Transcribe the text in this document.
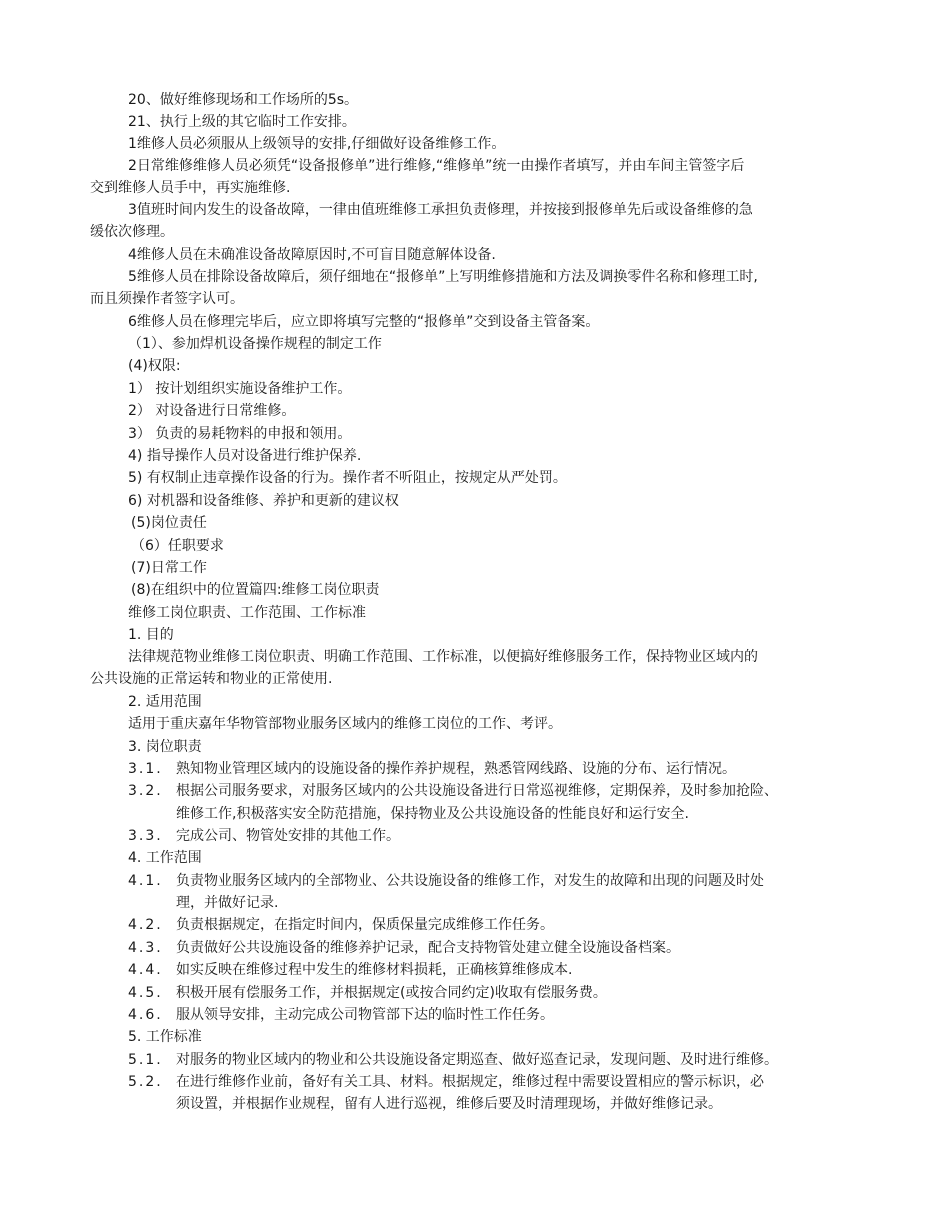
20、做好维修现场和工作场所的5s。
21、执行上级的其它临时工作安排。
1维修人员必须服从上级领导的安排,仔细做好设备维修工作。
2日常维修维修人员必须凭“设备报修单”进行维修,“维修单”统一由操作者填写，并由车间主管签字后
交到维修人员手中，再实施维修.
3值班时间内发生的设备故障，一律由值班维修工承担负责修理，并按接到报修单先后或设备维修的急
缓依次修理。
4维修人员在未确准设备故障原因时,不可盲目随意解体设备.
5维修人员在排除设备故障后，须仔细地在“报修单”上写明维修措施和方法及调换零件名称和修理工时,
而且须操作者签字认可。
6维修人员在修理完毕后，应立即将填写完整的“报修单”交到设备主管备案。
（1）、参加焊机设备操作规程的制定工作
(4)权限:
1） 按计划组织实施设备维护工作。
2） 对设备进行日常维修。
3） 负责的易耗物料的申报和领用。
4) 指导操作人员对设备进行维护保养.
5) 有权制止违章操作设备的行为。操作者不听阻止，按规定从严处罚。
6) 对机器和设备维修、养护和更新的建议权
(5)岗位责任
（6）任职要求
(7)日常工作
(8)在组织中的位置篇四:维修工岗位职责
维修工岗位职责、工作范围、工作标准
1. 目的
法律规范物业维修工岗位职责、明确工作范围、工作标准，以便搞好维修服务工作，保持物业区域内的
公共设施的正常运转和物业的正常使用.
2. 适用范围
适用于重庆嘉年华物管部物业服务区域内的维修工岗位的工作、考评。
3. 岗位职责
3.1. 熟知物业管理区域内的设施设备的操作养护规程，熟悉管网线路、设施的分布、运行情况。
3.2. 根据公司服务要求，对服务区域内的公共设施设备进行日常巡视维修，定期保养，及时参加抢险、
维修工作,积极落实安全防范措施，保持物业及公共设施设备的性能良好和运行安全.
3.3. 完成公司、物管处安排的其他工作。
4. 工作范围
4.1. 负责物业服务区域内的全部物业、公共设施设备的维修工作，对发生的故障和出现的问题及时处
理，并做好记录.
4.2. 负责根据规定，在指定时间内，保质保量完成维修工作任务。
4.3. 负责做好公共设施设备的维修养护记录，配合支持物管处建立健全设施设备档案。
4.4. 如实反映在维修过程中发生的维修材料损耗，正确核算维修成本.
4.5. 积极开展有偿服务工作，并根据规定(或按合同约定)收取有偿服务费。
4.6. 服从领导安排，主动完成公司物管部下达的临时性工作任务。
5. 工作标准
5.1. 对服务的物业区域内的物业和公共设施设备定期巡查、做好巡查记录，发现问题、及时进行维修。
5.2. 在进行维修作业前，备好有关工具、材料。根据规定，维修过程中需要设置相应的警示标识，必
须设置，并根据作业规程，留有人进行巡视，维修后要及时清理现场，并做好维修记录。
